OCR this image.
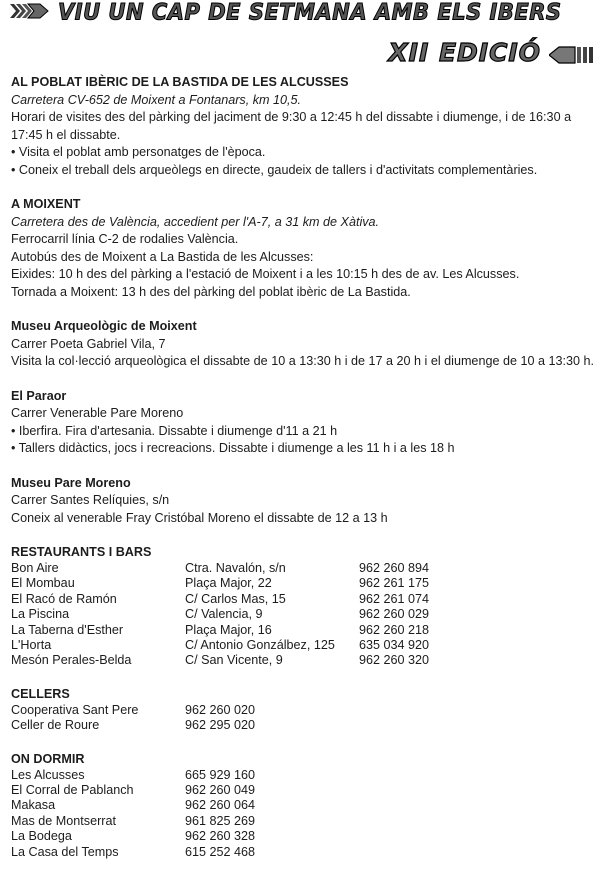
VIU UN CAP DE SETMANA AMB ELS IBERS
XII EDICIÓ
AL POBLAT IBÈRIC DE LA BASTIDA DE LES ALCUSSES
Carretera CV-652 de Moixent a Fontanars, km 10,5.
Horari de visites des del pàrking del jaciment de 9:30 a 12:45 h del dissabte i diumenge, i de 16:30 a 17:45 h el dissabte.
• Visita el poblat amb personatges de l'època.
• Coneix el treball dels arqueòlegs en directe, gaudeix de tallers i d'activitats complementàries.
A MOIXENT
Carretera des de València, accedient per l'A-7, a 31 km de Xàtiva.
Ferrocarril línia C-2 de rodalies València.
Autobús des de Moixent a La Bastida de les Alcusses:
Eixides: 10 h des del pàrking a l'estació de Moixent i a les 10:15 h des de av. Les Alcusses.
Tornada a Moixent: 13 h des del pàrking del poblat ibèric de La Bastida.
Museu Arqueològic de Moixent
Carrer Poeta Gabriel Vila, 7
Visita la col·lecció arqueològica el dissabte de 10 a 13:30 h i de 17 a 20 h i el diumenge de 10 a 13:30 h.
El Paraor
Carrer Venerable Pare Moreno
• Iberfira. Fira d'artesania. Dissabte i diumenge d'11 a 21 h
• Tallers didàctics, jocs i recreacions. Dissabte i diumenge a les 11 h i a les 18 h
Museu Pare Moreno
Carrer Santes Relíquies, s/n
Coneix al venerable Fray Cristóbal Moreno el dissabte de 12 a 13 h
RESTAURANTS I BARS
Bon Aire	Ctra. Navalón, s/n	962 260 894
El Mombau	Plaça Major, 22	962 261 175
El Racó de Ramón	C/ Carlos Mas, 15	962 261 074
La Piscina	C/ Valencia, 9	962 260 029
La Taberna d'Esther	Plaça Major, 16	962 260 218
L'Horta	C/ Antonio Gonzálbez, 125	635 034 920
Mesón Perales-Belda	C/ San Vicente, 9	962 260 320
CELLERS
Cooperativa Sant Pere	962 260 020
Celler de Roure	962 295 020
ON DORMIR
Les Alcusses	665 929 160
El Corral de Pablanch	962 260 049
Makasa	962 260 064
Mas de Montserrat	961 825 269
La Bodega	962 260 328
La Casa del Temps	615 252 468
